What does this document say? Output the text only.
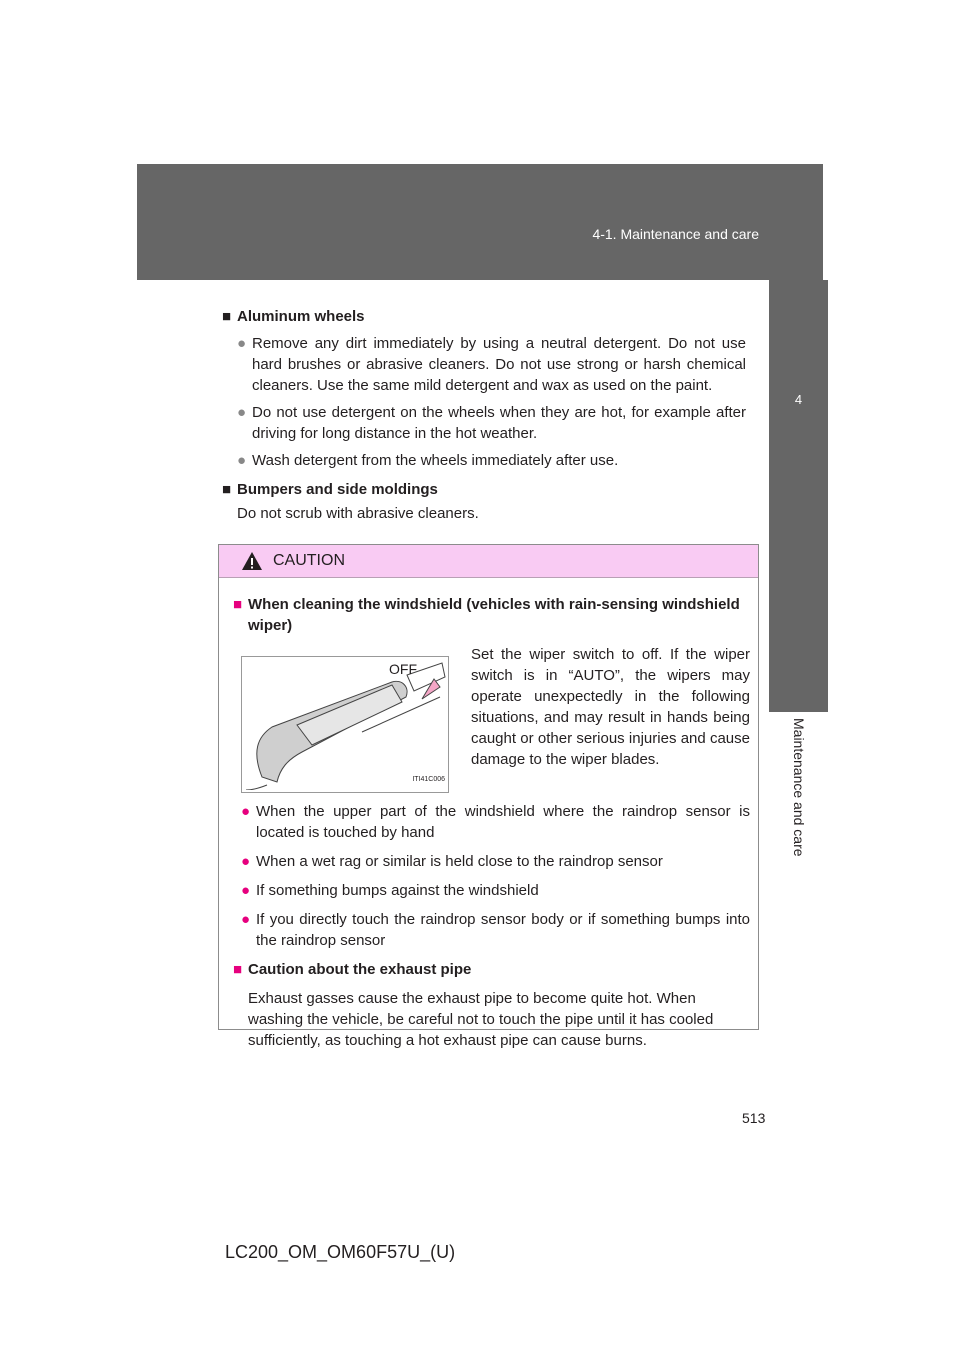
4-1. Maintenance and care
4
Maintenance and care

■ Aluminum wheels

● Remove any dirt immediately by using a neutral detergent. Do not use hard brushes or abrasive cleaners. Do not use strong or harsh chemical cleaners. Use the same mild detergent and wax as used on the paint.
● Do not use detergent on the wheels when they are hot, for example after driving for long distance in the hot weather.
● Wash detergent from the wheels immediately after use.

■ Bumpers and side moldings

Do not scrub with abrasive cleaners.
CAUTION
■ When cleaning the windshield (vehicles with rain-sensing windshield wiper)
OFF
ITI41C006
Set the wiper switch to off. If the wiper switch is in “AUTO”, the wipers may operate unexpectedly in the following situations, and may result in hands being caught or other serious injuries and cause damage to the wiper blades.
● When the upper part of the windshield where the raindrop sensor is located is touched by hand
● When a wet rag or similar is held close to the raindrop sensor
● If something bumps against the windshield
● If you directly touch the raindrop sensor body or if something bumps into the raindrop sensor
■ Caution about the exhaust pipe
Exhaust gasses cause the exhaust pipe to become quite hot. When washing the vehicle, be careful not to touch the pipe until it has cooled sufficiently, as touching a hot exhaust pipe can cause burns.
513
LC200_OM_OM60F57U_(U)
